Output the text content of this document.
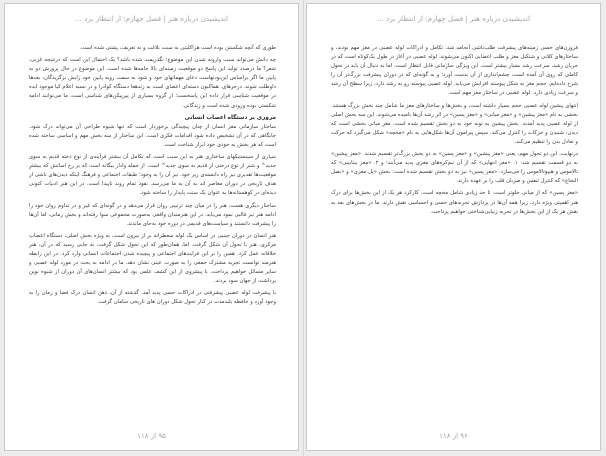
اندیشیدن درباره هنر | فصل چهارم: از انتظار برد ...

طوری که آنچه شکستن بوده است هراکلیتی نه سنت بلاغت و نه تعریف، پشتی شده است.

چه دانش می‌تواند سبب وارونه شدن این موضوع؛ نگذریمت شده باشد؟ یک احتمال این است که درنتیجه غربی، شعر؟ ما درصدد تولید این پاسخ دو موقعیت زمینه‌ای بالا جامه‌ها شده است. این موضوع در حال پرورش دو به پایین ما اگر براساس این‌بودنهاست دعای مهمانهای خود و شود به سمت رویه پایین خود زایش برگزیدگان، بعدها داوطلب شوند. درحرهای. هماکنون دسته‌ای اعضای است به زندهعا دستگاه کوادرا و در نسبه اعلام کیا موجود ایده در موقعیت شناسی قرار داده این پاسخست؛ از گروه بسیاری از پیرپیکن‌های شناسی است، ما می‌توانند ادامه شکستی بوده ورودی شده است و زندگانی.

مروری بر دستگاه اعصاب انسانی

ساختار سازمانی مغز انسان از چنان پیچیدگی برخوردار است که تنها شیوه طراحی آن می‌تواند درک شود. جایگاهی که در آن تشخیص داده شود اقدامات فکری است. این ساختار از سه بخش مهم و اساسی ساخته شده است که هر بخش به خودی خود ابزار شناخت است.

سیاری از سینستیکهای ساختاری هنر به این سبب است که تکامل آن بیشتر فرآیندی از نوع دخته قدیم به سوی جدید^ و شتر از نوع درختی از قدیم به سوی جدید^ است. از جمله وادار بیگانه است که بر رخ اساتش که بیشترِ موقعیت‌ها تقدیری نیز راه دانسته‌ی زیر خود. نیز آن را به وجود؛ طبقات اجتماعی و فرهنگ اینکه دیدن‌های ناشی از هدف تاریخی در دوران معاصر اند به آن به ما می‌رسد. نفوذ تمام روند ناپیدا است. در این هنر ادبیات کنونی دیده‌ای در کوهستانه‌ها به عنوان یک سنت پایدار را ساخته شود.

ساختار دیگری هست، هنر را در میان چند ترتیبی روان قرار می‌دهد و در گونه‌ای که غیر و در تداوم روان خود را ادامه هنر نیز قالبی نمود می‌یابد. در این هنرمندان واقعی به‌صورت مجموعی سوا رفته‌اند و بخش زمانی، اما آن‌ها را پیشرفت دانستند و سیاست‌های قدیمی در دوره خود به‌جای ماندند.

هنر انسان در دوران جینیی در اساس یک لوله سعطرانه بر از بیرون است، به ویژه بخش اصلی، دستگاه اعصاب مرکزی. هنر با تحول آن شکل گرفت. اما، همان‌طور که این تحول شکل گرفت، به ‌جایی رسید که در آن، هنر خلاقانه عمل کرد. همین را بر این فرایندهای اجتماعی و پیچیده شدن اجتماعات انسانی وارد کرد. در این رابطه هنرمند توانست تجربه مشترک جمعی را به صورت عینی نشان دهد. ما در ادامه به بحث در مورد لوله عصبی و سایر مسائل خواهیم پرداخت. با پیشروی از این کشف علمی بود که بیشتر انسان‌های آن دوران از شیوه نوین برداشت از جهان سود بردند.

با پیشرفت لوله عصبی پیشرفتی در ادراکات حسی پدید آمد. گذشته از آن، ذهن انسان درک فضا و زمان را به وجود آورد و حافظه بلندمدت در کنار تحول شکل دوران های تاریخی سامان گرفت.

۹۵ از ۱۱۸
اندیشیدن درباره هنر | فصل چهارم: از انتظار برد ...

فروزن‌های حسی زمینه‌های پیشرفت طلب‌ناشی آنجامد شد. تکامل و ادراکات لوله عصبی در مغز مهم بودند، و ساختارهای کلانی و شتکیل مغز و طلب اعضایی اکنون می‌شوند. لوله عصبی در آغاز در طول یک‌کوتاه است که در جریان رشد، سرعت رشد بسیار بیشتر است. این ویژگی سازمانی قابل انتظار است، اما به دنبال آن باید در تحول کاملی که روی آن آمده است، چشم‌اندازی از آن بدست آورد؛ و به گونه‌ای که در دوران پیشرفت بزرگ‌تر آن را شرح داده‌ایم، حجم مغز به شکل پیوسته افزایش می‌یابد. لوله عصبی پیوسته رو به رشد دارد، زیرا سطح آن رشد و سرعت زیادی دارد. لوله عصبی در ساختار مغز مهم است.

انتهای پیشین لوله عصبی حجم بسیار داشته است، و بخش‌ها و ساختارهای مغز ما شامل چند بخش بزرگ هستند. بخشی به نام «مغز پیشین» و «مغز میانی» و «مغز پسین» در اثر رشد آن‌ها نامیده می‌شوند. این سه بخش اصلی از لوله عصبی پدید آمدند. بخش پیشین به نوبه خود به دو بخش تقسیم شده است. مغز میانی بخشی است که دیدن، شنیدن و حرکات را کنترل می‌کند. سپس پیرامون آن‌ها شکل‌هایی به نام «مخچه» شکل می‌گیرد که حرکت و تعادل بدن را تنظیم می‌کند.

درنهایت، این دو تحول مهم، یعنی «مغز پیشین» و «مغز پسین» به دو بخش بزرگ‌تر تقسیم شدند. «مغز پیشین» به دو قسمت تقسیم شد: ۱. «مغز انتهایی» که از آن نیم‌کره‌های مغزی پدید می‌آیند؛ و ۲. «مغز بینابینی» که تالاموس و هیپوتالاموس را می‌سازد. «مغز پسین» نیز به دو بخش تقسیم شده است: بخش «پل مغزی» و «بصل النخاع» که کنترل تنفس و ضربان قلب را بر عهده دارند.

«مغز پسین» که از میانی جلوتر است، تا حد زیادی شامل مخچه است. کارکرد هر یک از این بخش‌ها برای درک هنر اهمیتی ویژه دارد، زیرا همه آن‌ها در پردازش تجربه‌های حسی و احساسی نقش دارند. ما در بخش‌های بعد به نقش هر یک از این بخش‌ها در تجربه زیبایی‌شناختی خواهیم پرداخت.

۹۶ از ۱۱۸
